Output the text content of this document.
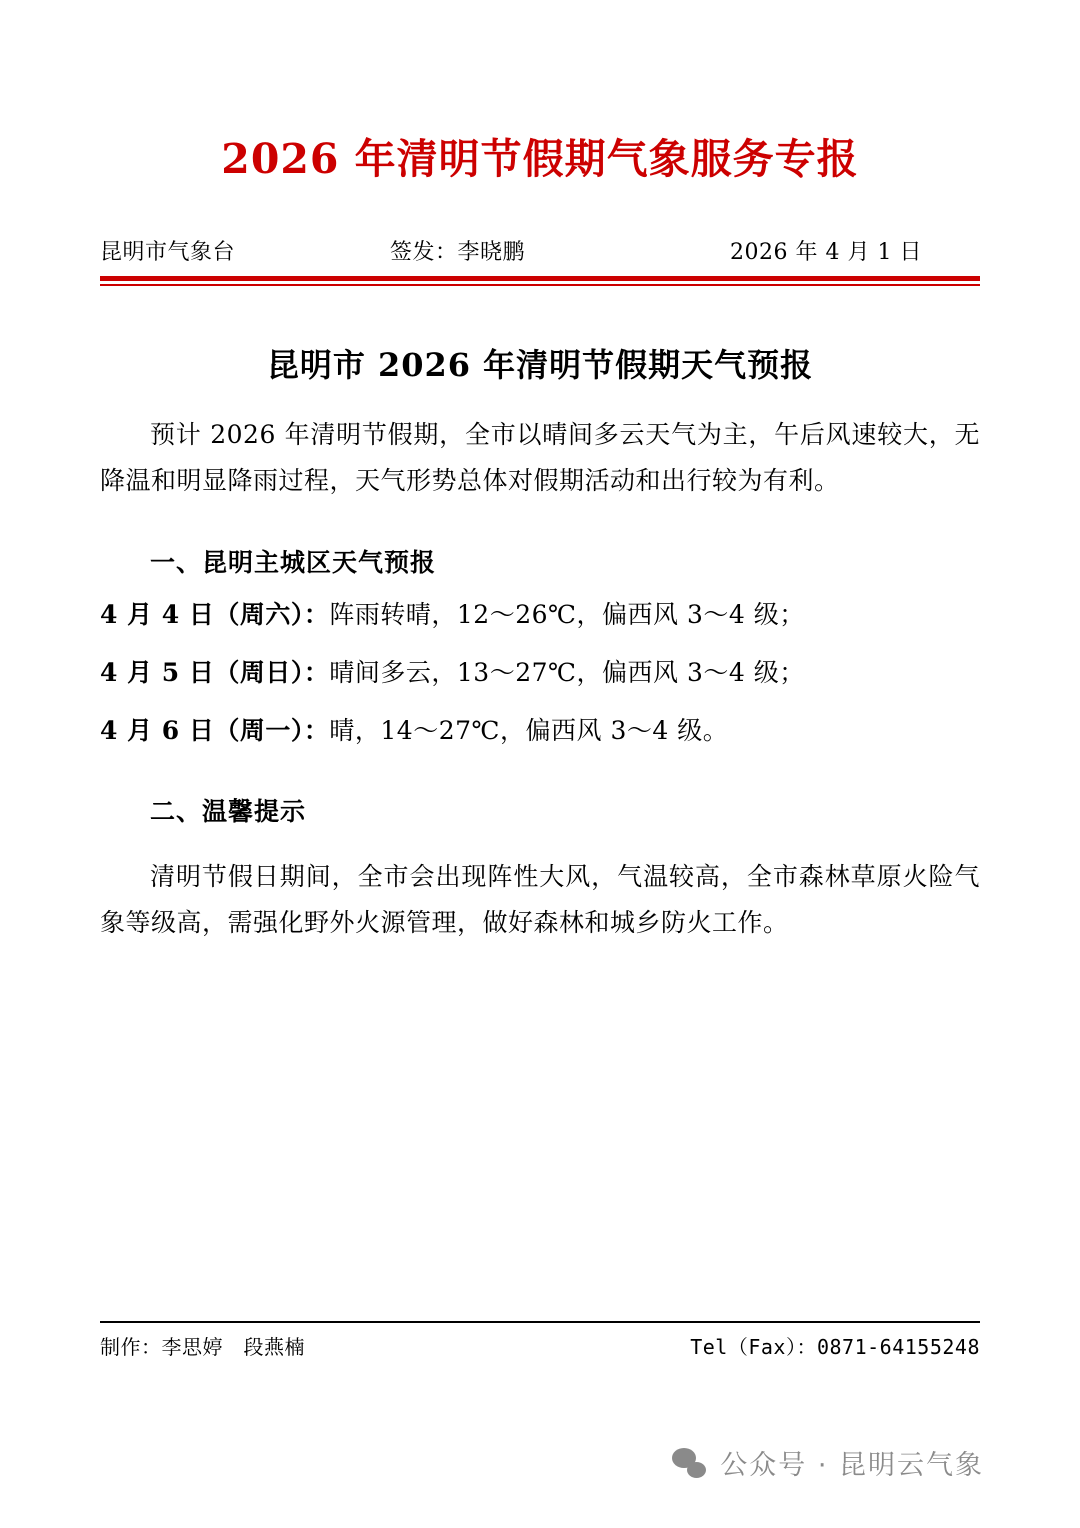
2026 年清明节假期气象服务专报
昆明市气象台	签发：李晓鹏	2026 年 4 月 1 日
昆明市 2026 年清明节假期天气预报

预计 2026 年清明节假期，全市以晴间多云天气为主，午后风速较大，无降温和明显降雨过程，天气形势总体对假期活动和出行较为有利。

一、昆明主城区天气预报
4 月 4 日（周六）：阵雨转晴，12～26℃，偏西风 3～4 级；
4 月 5 日（周日）：晴间多云，13～27℃，偏西风 3～4 级；
4 月 6 日（周一）：晴，14～27℃，偏西风 3～4 级。
二、温馨提示

清明节假日期间，全市会出现阵性大风，气温较高，全市森林草原火险气象等级高，需强化野外火源管理，做好森林和城乡防火工作。

制作：李思婷　段燕楠	Tel（Fax）：0871-64155248
公众号 · 昆明云气象
